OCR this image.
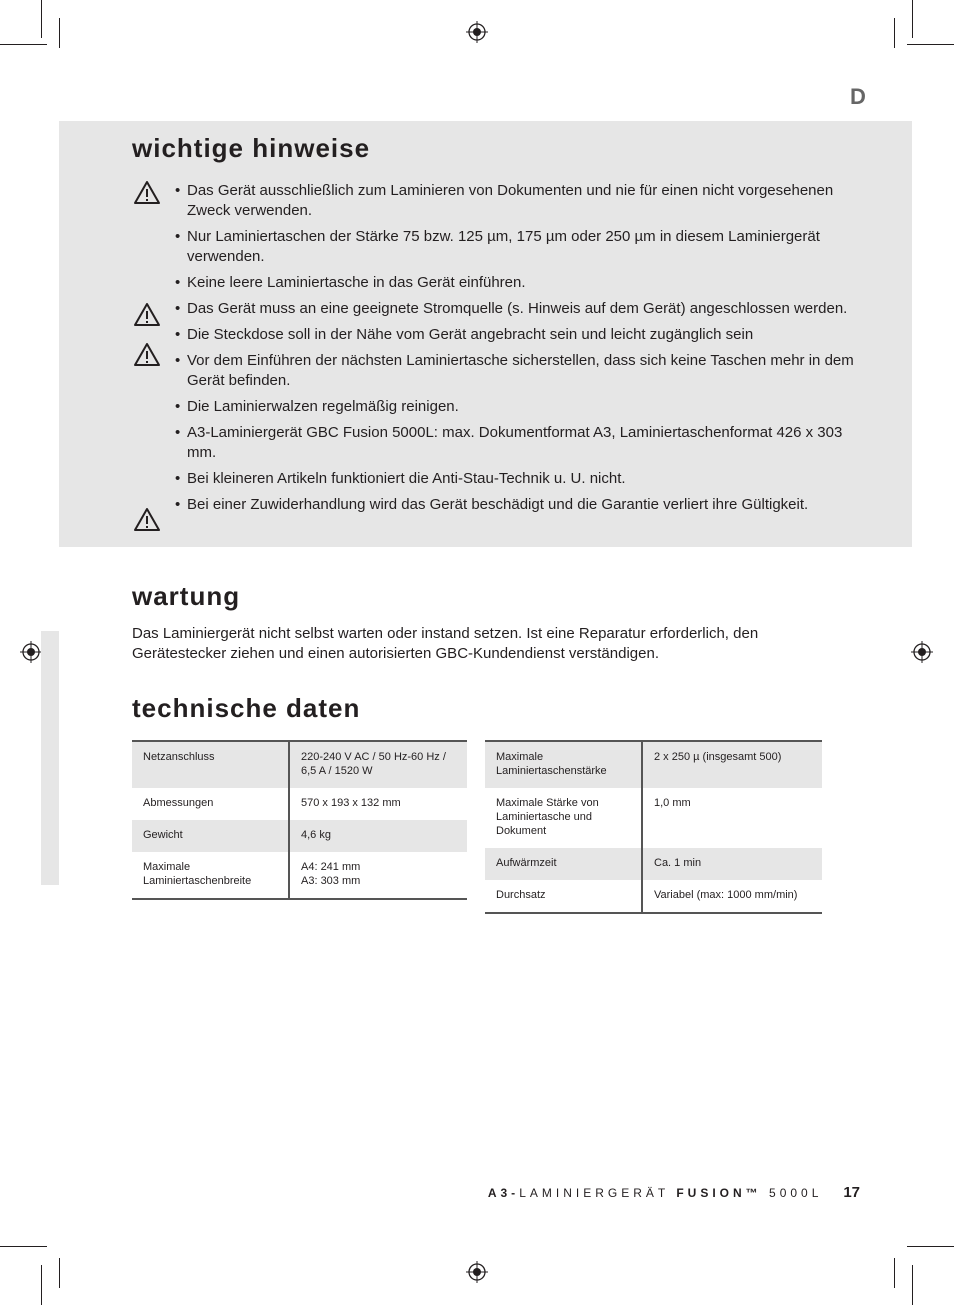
D
wichtige hinweise
• Das Gerät ausschließlich zum Laminieren von Dokumenten und nie für einen nicht vorgesehenen Zweck verwenden.
• Nur Laminiertaschen der Stärke 75 bzw. 125 µm, 175 µm oder 250 µm in diesem Laminiergerät verwenden.
• Keine leere Laminiertasche in das Gerät einführen.
• Das Gerät muss an eine geeignete Stromquelle (s. Hinweis auf dem Gerät) angeschlossen werden.
• Die Steckdose soll in der Nähe vom Gerät angebracht sein und leicht zugänglich sein
• Vor dem Einführen der nächsten Laminiertasche sicherstellen, dass sich keine Taschen mehr in dem Gerät befinden.
• Die Laminierwalzen regelmäßig reinigen.
• A3-Laminiergerät GBC Fusion 5000L: max. Dokumentformat A3, Laminiertaschenformat 426 x 303 mm.
• Bei kleineren Artikeln funktioniert die Anti-Stau-Technik u. U. nicht.
• Bei einer Zuwiderhandlung wird das Gerät beschädigt und die Garantie verliert ihre Gültigkeit.
wartung

Das Laminiergerät nicht selbst warten oder instand setzen. Ist eine Reparatur erforderlich, den Gerätestecker ziehen und einen autorisierten GBC-Kundendienst verständigen.

technische daten
Netzanschluss	220-240 V AC / 50 Hz-60 Hz / 6,5 A / 1520 W
Abmessungen	570 x 193 x 132 mm
Gewicht	4,6 kg
Maximale Laminiertaschenbreite	A4: 241 mm
A3: 303 mm
Maximale Laminiertaschenstärke	2 x 250 µ (insgesamt 500)
Maximale Stärke von Laminiertasche und Dokument	1,0 mm
Aufwärmzeit	Ca. 1 min
Durchsatz	Variabel (max: 1000 mm/min)
A3-LAMINIERGERÄT FUSION™ 5000L 17
